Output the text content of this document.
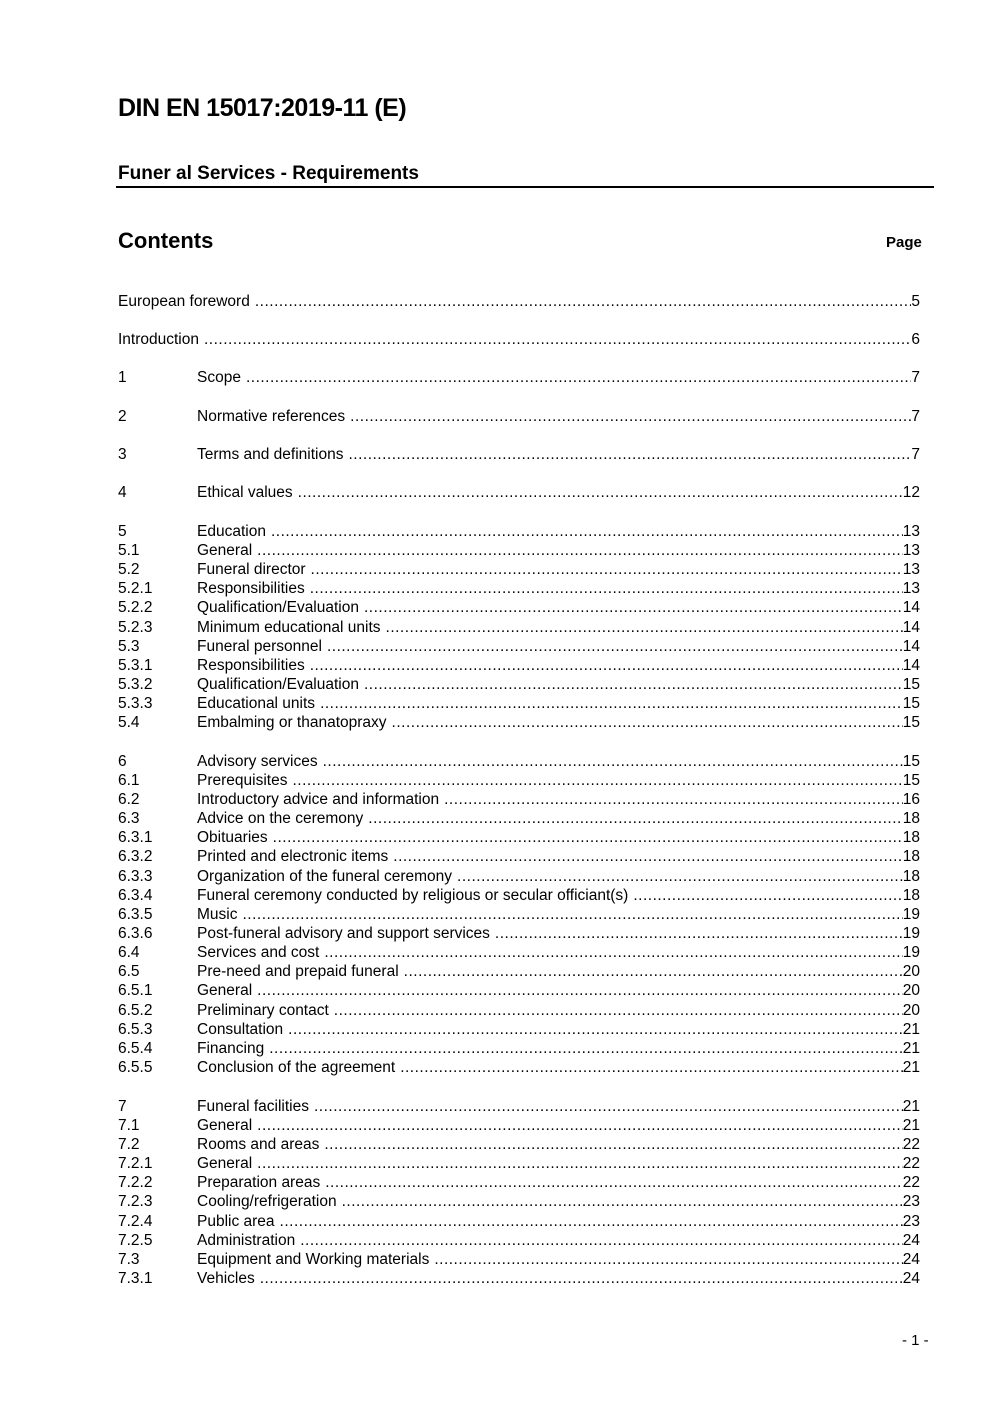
DIN EN 15017:2019-11 (E)
Funer al Services - Requirements
Contents	Page
European foreword .....	5
Introduction .....	6
1	Scope .....	7
2	Normative references .....	7
3	Terms and definitions .....	7
4	Ethical values .....	12
5	Education .....	13
5.1	General .....	13
5.2	Funeral director .....	13
5.2.1	Responsibilities .....	13
5.2.2	Qualification/Evaluation .....	14
5.2.3	Minimum educational units .....	14
5.3	Funeral personnel .....	14
5.3.1	Responsibilities .....	14
5.3.2	Qualification/Evaluation .....	15
5.3.3	Educational units .....	15
5.4	Embalming or thanatopraxy .....	15
6	Advisory services .....	15
6.1	Prerequisites .....	15
6.2	Introductory advice and information .....	16
6.3	Advice on the ceremony .....	18
6.3.1	Obituaries .....	18
6.3.2	Printed and electronic items .....	18
6.3.3	Organization of the funeral ceremony .....	18
6.3.4	Funeral ceremony conducted by religious or secular officiant(s) .....	18
6.3.5	Music .....	19
6.3.6	Post-funeral advisory and support services .....	19
6.4	Services and cost .....	19
6.5	Pre-need and prepaid funeral .....	20
6.5.1	General .....	20
6.5.2	Preliminary contact .....	20
6.5.3	Consultation .....	21
6.5.4	Financing .....	21
6.5.5	Conclusion of the agreement .....	21
7	Funeral facilities .....	21
7.1	General .....	21
7.2	Rooms and areas .....	22
7.2.1	General .....	22
7.2.2	Preparation areas .....	22
7.2.3	Cooling/refrigeration .....	23
7.2.4	Public area .....	23
7.2.5	Administration .....	24
7.3	Equipment and Working materials .....	24
7.3.1	Vehicles .....	24
- 1 -
